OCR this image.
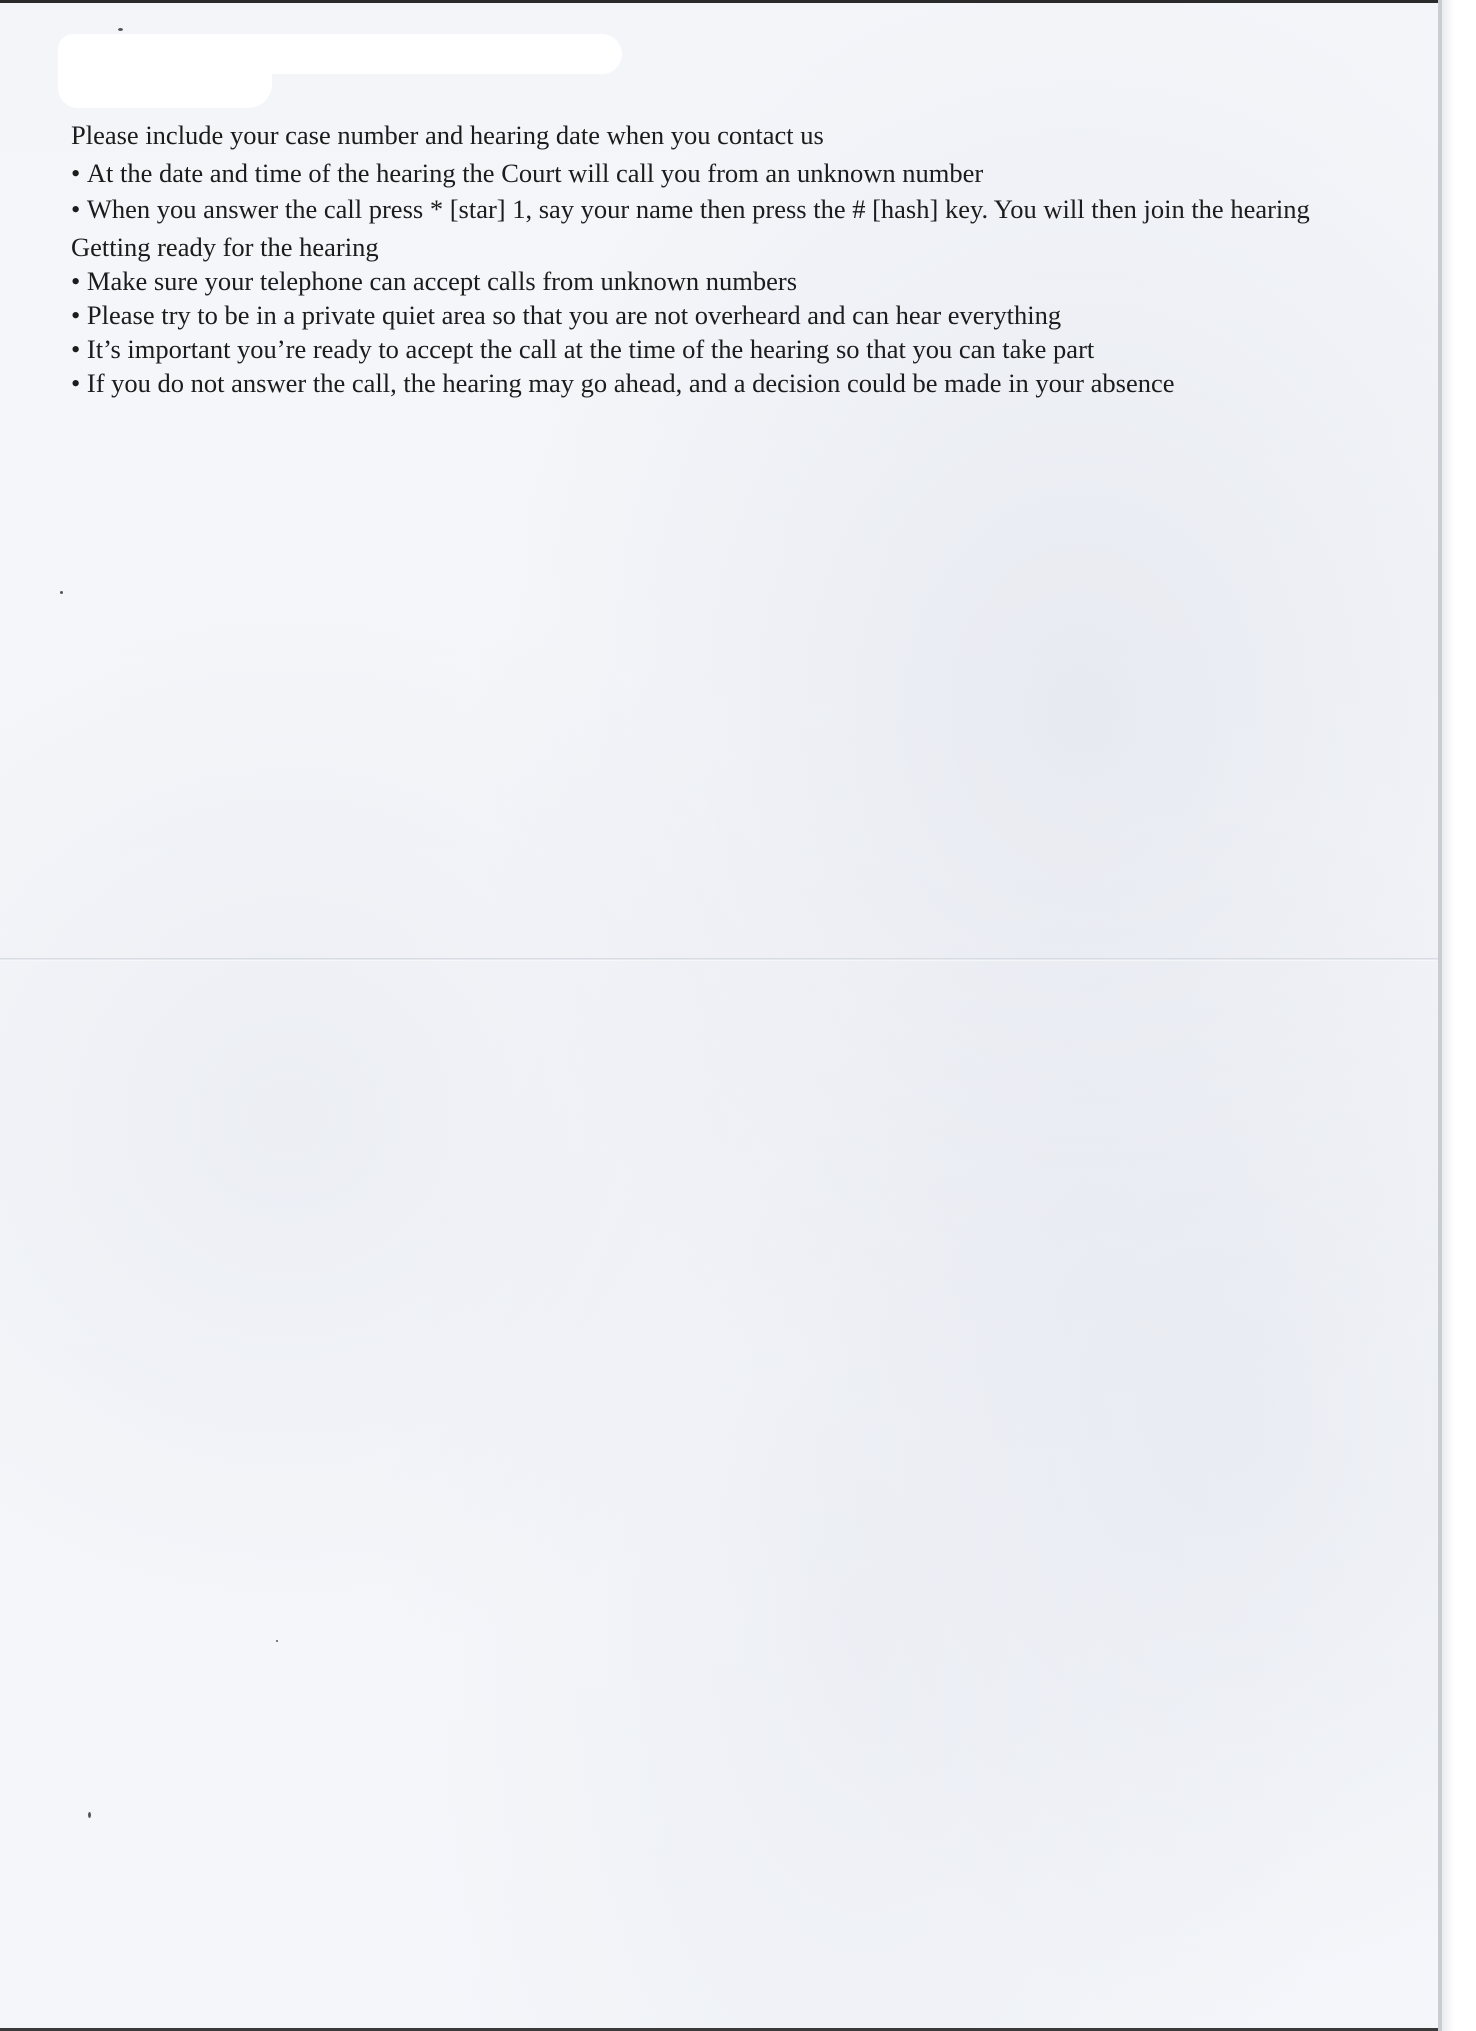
Please include your case number and hearing date when you contact us

• At the date and time of the hearing the Court will call you from an unknown number

• When you answer the call press * [star] 1, say your name then press the # [hash] key. You will then join the hearing

Getting ready for the hearing

• Make sure your telephone can accept calls from unknown numbers

• Please try to be in a private quiet area so that you are not overheard and can hear everything

• It’s important you’re ready to accept the call at the time of the hearing so that you can take part

• If you do not answer the call, the hearing may go ahead, and a decision could be made in your absence
